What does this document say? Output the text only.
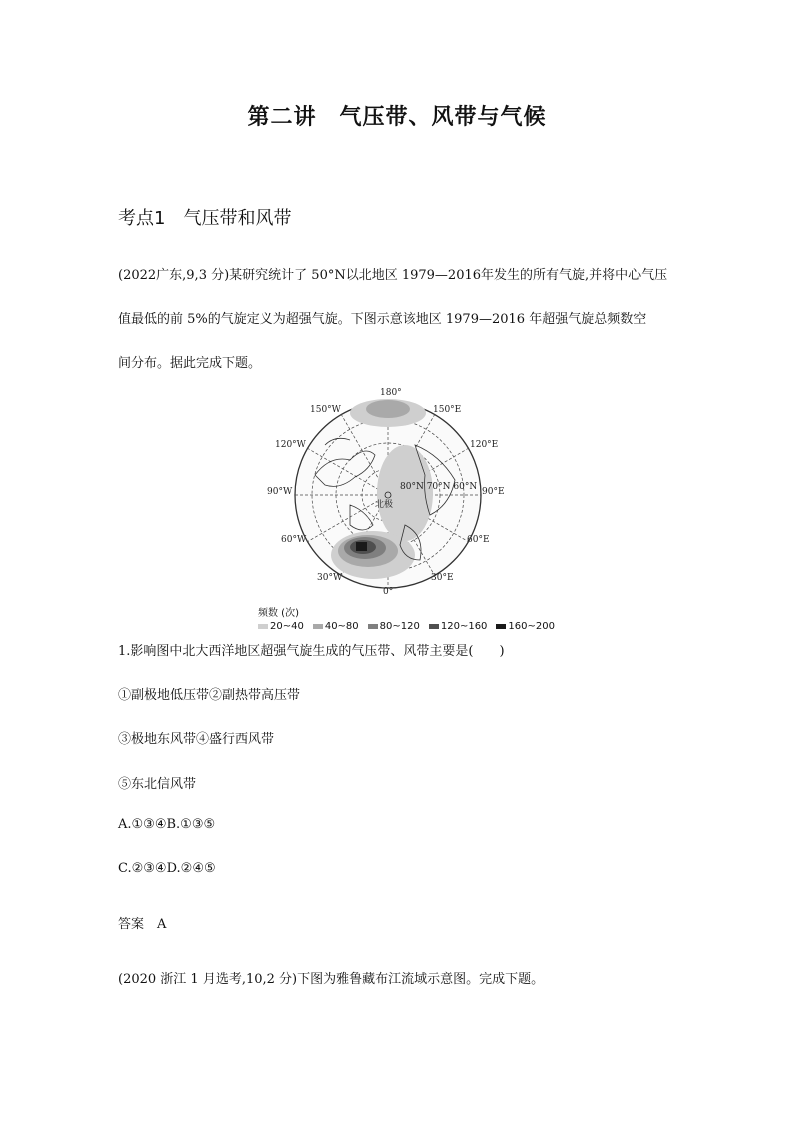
第二讲　气压带、风带与气候
考点1　气压带和风带
(2022广东,9,3 分)某研究统计了 50°N以北地区 1979—2016年发生的所有气旋,并将中心气压
值最低的前 5%的气旋定义为超强气旋。下图示意该地区 1979—2016 年超强气旋总频数空
间分布。据此完成下题。
180°
150°W	150°E
120°W	120°E
90°W	90°E
60°W	60°E
30°W	30°E
0°
北极
80°N 70°N 60°N
频数 (次)
20~40 40~80 80~120 120~160 160~200
1.影响图中北大西洋地区超强气旋生成的气压带、风带主要是(　　)
①副极地低压带②副热带高压带
③极地东风带④盛行西风带
⑤东北信风带
A.①③④B.①③⑤
C.②③④D.②④⑤
答案　A
(2020 浙江 1 月选考,10,2 分)下图为雅鲁藏布江流域示意图。完成下题。
